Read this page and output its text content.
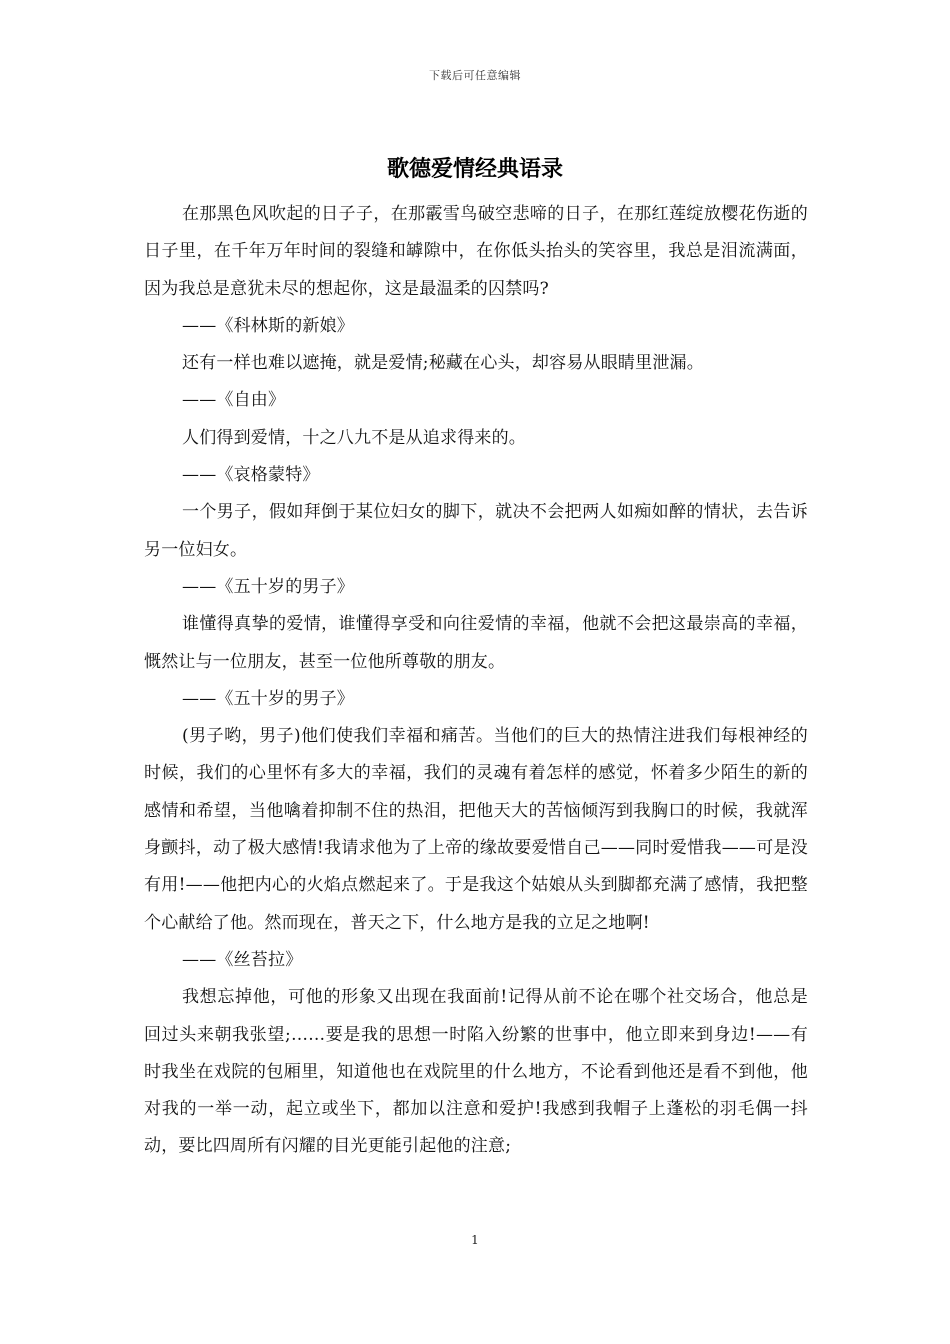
下载后可任意编辑
歌德爱情经典语录

在那黑色风吹起的日子子，在那霰雪鸟破空悲啼的日子，在那红莲绽放樱花伤逝的日子里，在千年万年时间的裂缝和罅隙中，在你低头抬头的笑容里，我总是泪流满面，因为我总是意犹未尽的想起你，这是最温柔的囚禁吗?

——《科林斯的新娘》

还有一样也难以遮掩，就是爱情;秘藏在心头，却容易从眼睛里泄漏。

——《自由》

人们得到爱情，十之八九不是从追求得来的。

——《哀格蒙特》

一个男子，假如拜倒于某位妇女的脚下，就决不会把两人如痴如醉的情状，去告诉另一位妇女。

——《五十岁的男子》

谁懂得真挚的爱情，谁懂得享受和向往爱情的幸福，他就不会把这最崇高的幸福，慨然让与一位朋友，甚至一位他所尊敬的朋友。

——《五十岁的男子》

(男子哟，男子)他们使我们幸福和痛苦。当他们的巨大的热情注进我们每根神经的时候，我们的心里怀有多大的幸福，我们的灵魂有着怎样的感觉，怀着多少陌生的新的感情和希望，当他噙着抑制不住的热泪，把他天大的苦恼倾泻到我胸口的时候，我就浑身颤抖，动了极大感情!我请求他为了上帝的缘故要爱惜自己——同时爱惜我——可是没有用!——他把内心的火焰点燃起来了。于是我这个姑娘从头到脚都充满了感情，我把整个心献给了他。然而现在，普天之下，什么地方是我的立足之地啊!

——《丝苔拉》

我想忘掉他，可他的形象又出现在我面前!记得从前不论在哪个社交场合，他总是回过头来朝我张望;……要是我的思想一时陷入纷繁的世事中，他立即来到身边!——有时我坐在戏院的包厢里，知道他也在戏院里的什么地方，不论看到他还是看不到他，他对我的一举一动，起立或坐下，都加以注意和爱护!我感到我帽子上蓬松的羽毛偶一抖动，要比四周所有闪耀的目光更能引起他的注意;

1
